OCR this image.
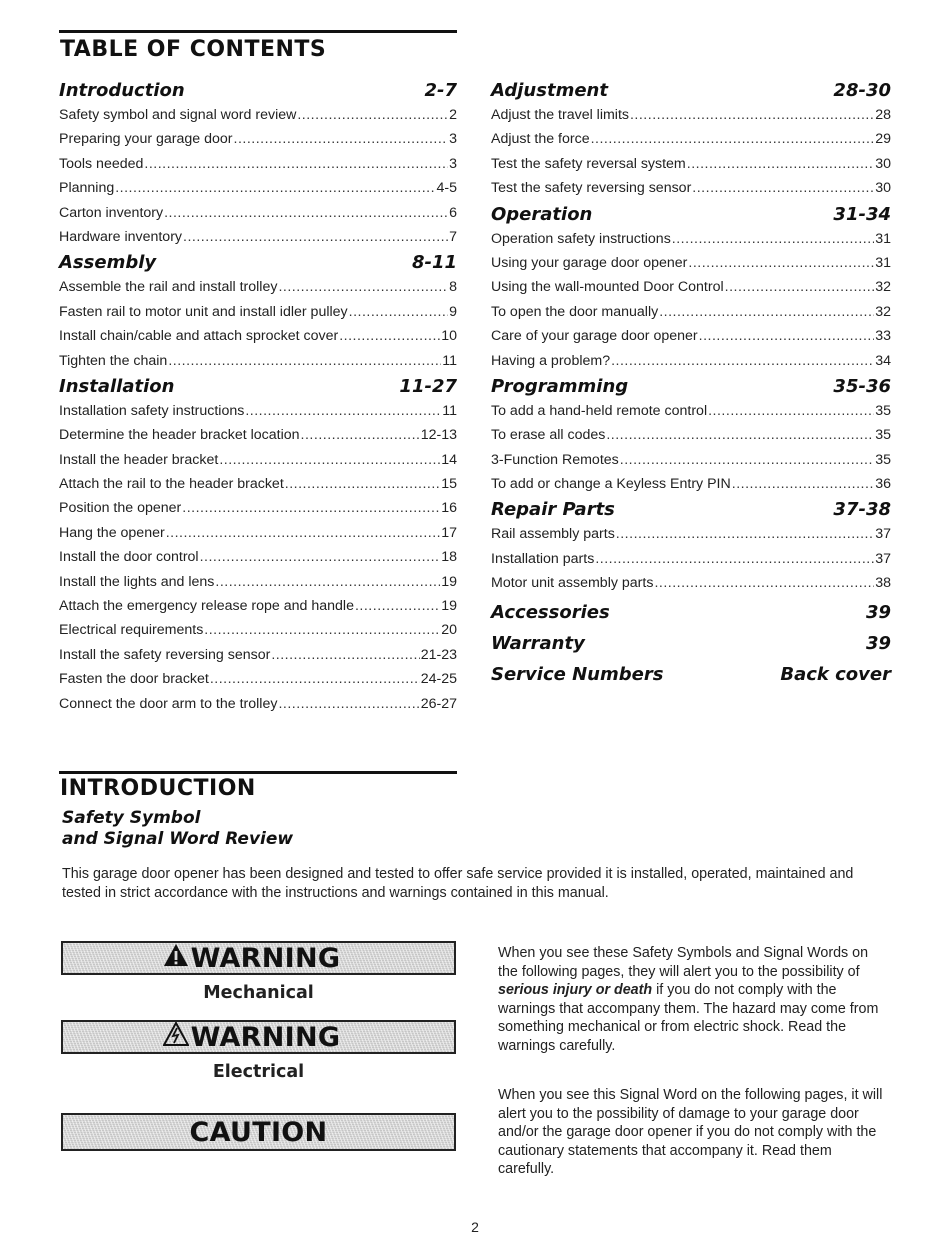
TABLE OF CONTENTS
Introduction	2-7
Safety symbol and signal word review .....	2
Preparing your garage door .....	3
Tools needed .....	3
Planning .....	4-5
Carton inventory .....	6
Hardware inventory .....	7
Assembly	8-11
Assemble the rail and install trolley .....	8
Fasten rail to motor unit and install idler pulley .....	9
Install chain/cable and attach sprocket cover .....	10
Tighten the chain .....	11
Installation	11-27
Installation safety instructions .....	11
Determine the header bracket location .....	12-13
Install the header bracket .....	14
Attach the rail to the header bracket .....	15
Position the opener .....	16
Hang the opener .....	17
Install the door control .....	18
Install the lights and lens .....	19
Attach the emergency release rope and handle .....	19
Electrical requirements .....	20
Install the safety reversing sensor .....	21-23
Fasten the door bracket .....	24-25
Connect the door arm to the trolley .....	26-27
Adjustment	28-30
Adjust the travel limits .....	28
Adjust the force .....	29
Test the safety reversal system .....	30
Test the safety reversing sensor .....	30
Operation	31-34
Operation safety instructions .....	31
Using your garage door opener .....	31
Using the wall-mounted Door Control .....	32
To open the door manually .....	32
Care of your garage door opener .....	33
Having a problem? .....	34
Programming	35-36
To add a hand-held remote control .....	35
To erase all codes .....	35
3-Function Remotes .....	35
To add or change a Keyless Entry PIN .....	36
Repair Parts	37-38
Rail assembly parts .....	37
Installation parts .....	37
Motor unit assembly parts .....	38
Accessories	39
Warranty	39
Service Numbers	Back cover
INTRODUCTION
Safety Symbol
and Signal Word Review
This garage door opener has been designed and tested to offer safe service provided it is installed, operated, maintained and tested in strict accordance with the instructions and warnings contained in this manual.
WARNING
Mechanical
WARNING
Electrical
CAUTION
When you see these Safety Symbols and Signal Words on the following pages, they will alert you to the possibility of serious injury or death if you do not comply with the warnings that accompany them. The hazard may come from something mechanical or from electric shock. Read the warnings carefully.
When you see this Signal Word on the following pages, it will alert you to the possibility of damage to your garage door and/or the garage door opener if you do not comply with the cautionary statements that accompany it. Read them carefully.
2
